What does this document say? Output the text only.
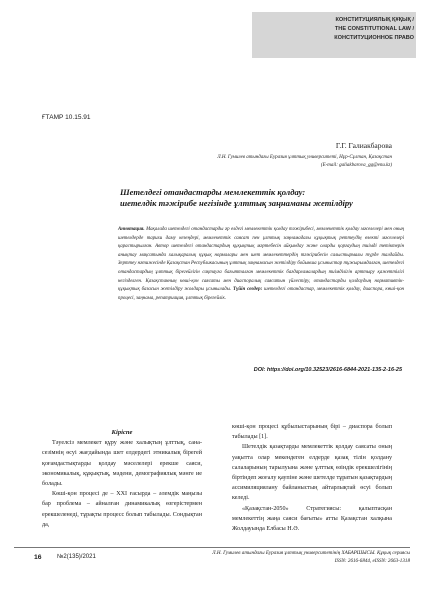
КОНСТИТУЦИЯЛЫҚ ҚҰҚЫҚ /
THE CONSTITUTIONAL LAW /
КОНСТИТУЦИОННОЕ ПРАВО
ҒТАМР 10.15.91
Г.Г. Галиакбарова
Л.Н. Гумилев атындағы Еуразия ұлттық университеті, Нұр-Сұлтан, Қазақстан
(E-mail: galiakbarova_gg@enu.kz)
Шетелдегі отандастарды мемлекеттік қолдау:
шетелдік тәжірибе негізінде ұлттық заңнаманы жетілдіру

Аннотация. Мақалада шетелдегі отандастарды әр елдегі мемлекеттік қолдау тәжірибесі, мемлекеттік қолдау мәселелері мен оның шетелдерде тарихи даму кезеңдері, мемлекеттік саясат пен ұлттық заңнамадағы құқықтық реттеудің өзекті мәселелері қарастырылған. Автор шетелдегі отандастардың құқықтық мәртебесін айқындау және оларды қорғаудың тиімді тетіктерін анықтау мақсатында халықаралық құқық нормалары мен шет мемлекеттердің тәжірибесін салыстырмалы түрде талдайды. Зерттеу нәтижесінде Қазақстан Республикасының ұлттық заңнамасын жетілдіру бойынша ұсыныстар тұжырымдалған, шетелдегі отандастардың ұлттық бірегейлігін сақтауға бағытталған мемлекеттік бағдарламалардың тиімділігін арттыру қажеттілігі негізделген. Қазақстанның көші-қон саясаты мен диаспоралық саясатын үйлестіру, отандастарды қолдаудың нормативтік-құқықтық базасын жетілдіру жолдары ұсынылады. Түйін сөздер: шетелдегі отандастар, мемлекеттік қолдау, диаспора, көші-қон процесі, заңнама, репатриация, ұлттық бірегейлік.

DOI: https://doi.org/10.32523/2616-6844-2021-135-2-16-25

Кіріспе

Тәуелсіз мемлекет құру және халықтың ұлттық, сана-сезімнің өсуі жағдайында шет елдердегі этникалық бірегей қоғамдастықтарды қолдау мәселелері ерекше саяси, экономикалық, құқықтық, мәдени, демографиялық мәнге ие болады.

Көші-қон процесі де – XXI ғасырда – әлемдік маңызы бар проблема – айналған динамикалық өзгерістермен ерекшеленеді, тұрақты процесс болып табылады. Сондықтан да,

көші-қон процесі құбылыстарының бірі – диаспора болып табылады [1].

Шетелдік қазақтарды мемлекеттік қолдау саясаты оның уақытта олар мекендеген елдерде қазақ тілін қолдану салаларының тарылуына және ұлттық өзіндік ерекшелігінің біртіндеп жоғалу қаупіне және шетелде тұратын қазақтардың ассимиляциялану байланыстың айтарлықтай өсуі болып келеді.

«Қазақстан-2050» Стратегиясы: қалыптасқан мемлекеттің жаңа саяси бағыты» атты Қазақстан халқына Жолдауында Елбасы Н.Ә.

16	№2(135)/2021
Л.Н. Гумилев атындағы Еуразия ұлттық университетінің ХАБАРШЫСЫ. Құқық сериясы
ISSN: 2616-6844, eISSN: 2663-1318
